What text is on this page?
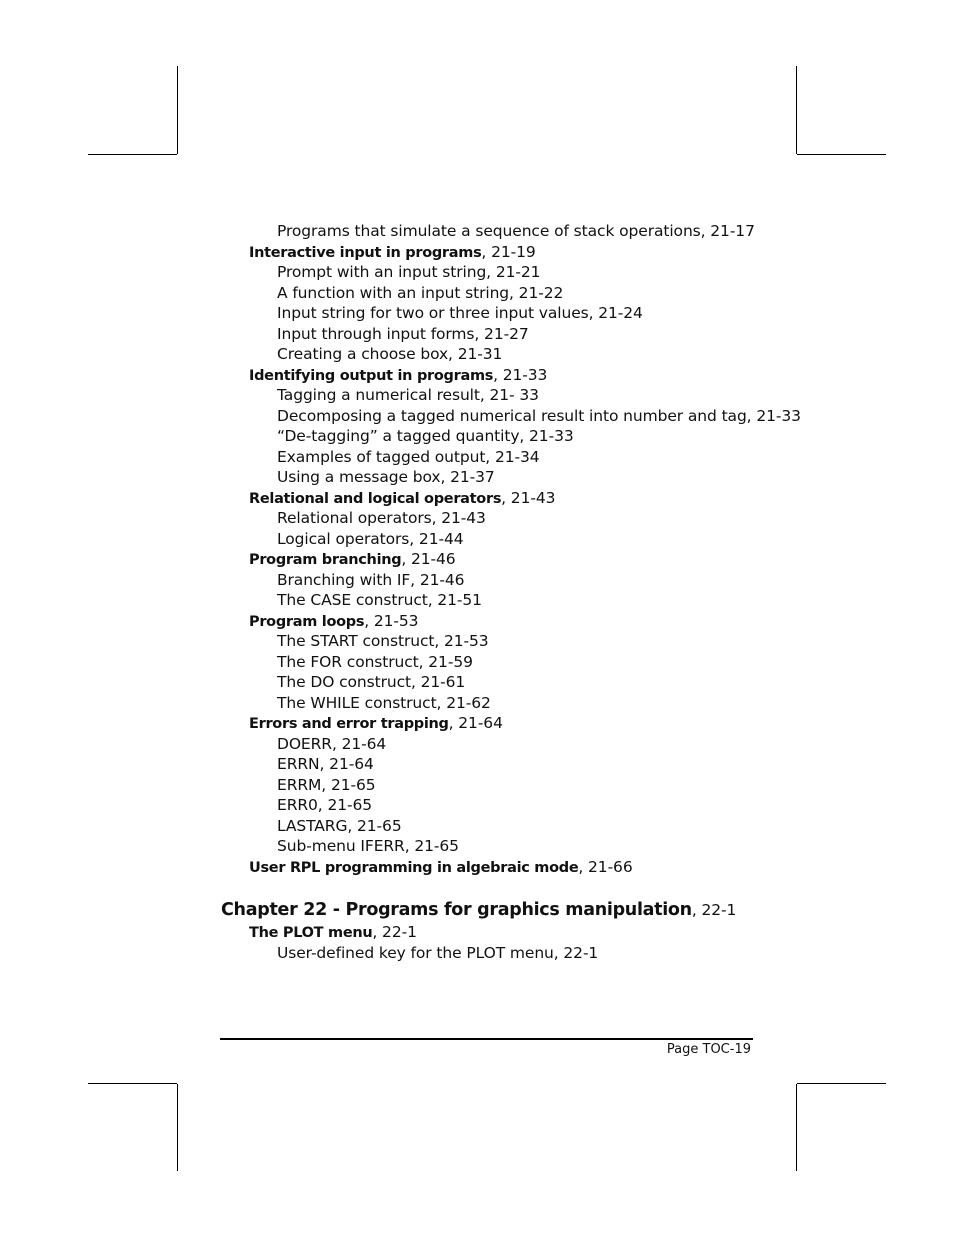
Programs that simulate a sequence of stack operations, 21-17
Interactive input in programs, 21-19
Prompt with an input string, 21-21
A function with an input string, 21-22
Input string for two or three input values, 21-24
Input through input forms, 21-27
Creating a choose box, 21-31
Identifying output in programs, 21-33
Tagging a numerical result, 21- 33
Decomposing a tagged numerical result into number and tag, 21-33
“De-tagging” a tagged quantity, 21-33
Examples of tagged output, 21-34
Using a message box, 21-37
Relational and logical operators, 21-43
Relational operators, 21-43
Logical operators, 21-44
Program branching, 21-46
Branching with IF, 21-46
The CASE construct, 21-51
Program loops, 21-53
The START construct, 21-53
The FOR construct, 21-59
The DO construct, 21-61
The WHILE construct, 21-62
Errors and error trapping, 21-64
DOERR, 21-64
ERRN, 21-64
ERRM, 21-65
ERR0, 21-65
LASTARG, 21-65
Sub-menu IFERR, 21-65
User RPL programming in algebraic mode, 21-66
Chapter 22 - Programs for graphics manipulation, 22-1
The PLOT menu, 22-1
User-defined key for the PLOT menu, 22-1
Page TOC-19
